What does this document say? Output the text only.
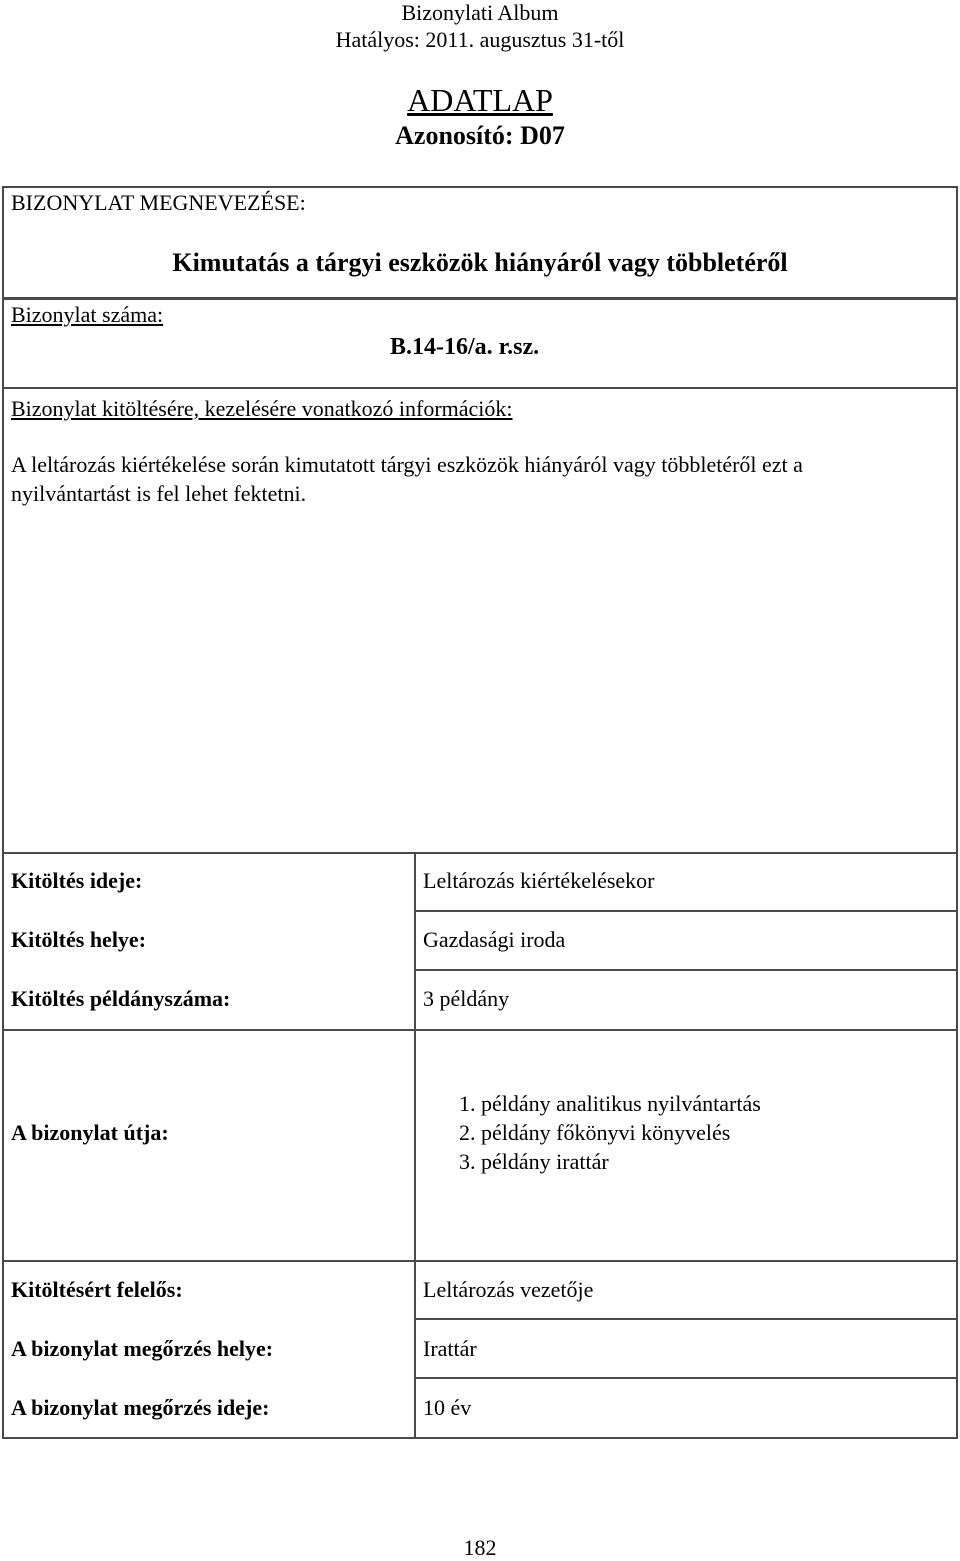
Bizonylati Album
Hatályos: 2011. augusztus 31-től
ADATLAP
Azonosító: D07
BIZONYLAT MEGNEVEZÉSE:
Kimutatás a tárgyi eszközök hiányáról vagy többletéről
Bizonylat száma:
B.14-16/a. r.sz.
Bizonylat kitöltésére, kezelésére vonatkozó információk:
A leltározás kiértékelése során kimutatott tárgyi eszközök hiányáról vagy többletéről ezt a
nyilvántartást is fel lehet fektetni.
Kitöltés ideje:	Leltározás kiértékelésekor
Kitöltés helye:	Gazdasági iroda
Kitöltés példányszáma:	3 példány
A bizonylat útja:
1. példány analitikus nyilvántartás
2. példány főkönyvi könyvelés
3. példány irattár
Kitöltésért felelős:	Leltározás vezetője
A bizonylat megőrzés helye:	Irattár
A bizonylat megőrzés ideje:	10 év
182
